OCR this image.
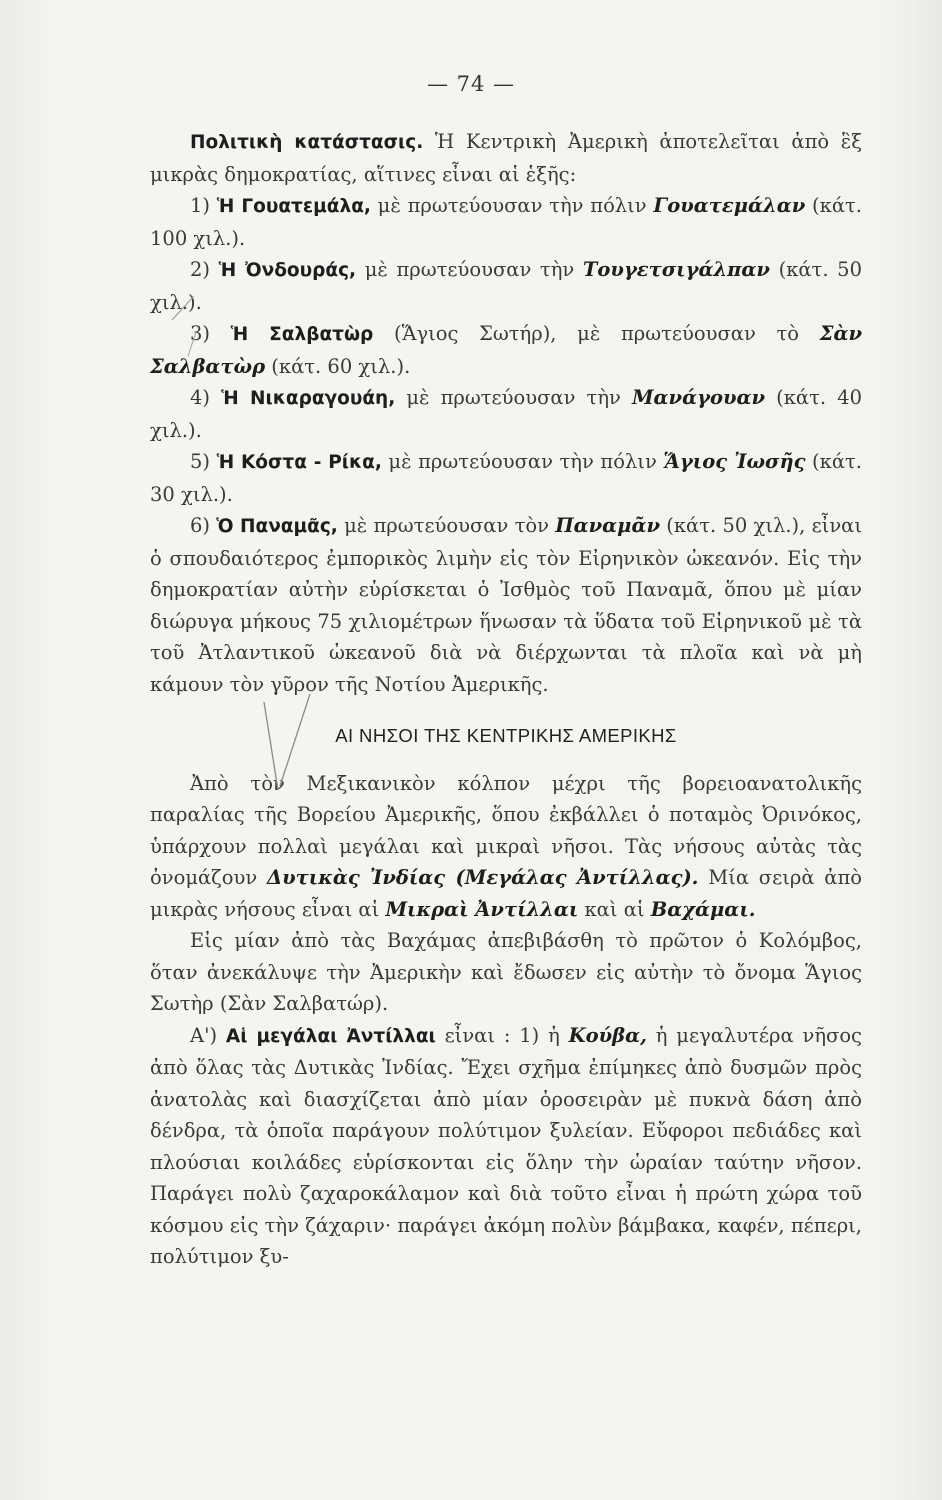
— 74 —

Πολιτικὴ κατάστασις. Ἡ Κεντρικὴ Ἀμερικὴ ἀποτελεῖται ἀπὸ ἓξ μικρὰς δημοκρατίας, αἵτινες εἶναι αἱ ἑξῆς:

1) Ἡ Γουατεμάλα, μὲ πρωτεύουσαν τὴν πόλιν Γουατεμάλαν (κάτ. 100 χιλ.).

2) Ἡ Ὀνδουράς, μὲ πρωτεύουσαν τὴν Τουγετσιγάλπαν (κάτ. 50 χιλ.).

3) Ἡ Σαλβατὼρ (Ἅγιος Σωτήρ), μὲ πρωτεύουσαν τὸ Σὰν Σαλβατὼρ (κάτ. 60 χιλ.).

4) Ἡ Νικαραγουάη, μὲ πρωτεύουσαν τὴν Μανάγουαν (κάτ. 40 χιλ.).

5) Ἡ Κόστα - Ρίκα, μὲ πρωτεύουσαν τὴν πόλιν Ἅγιος Ἰωσῆς (κάτ. 30 χιλ.).

6) Ὁ Παναμᾶς, μὲ πρωτεύουσαν τὸν Παναμᾶν (κάτ. 50 χιλ.), εἶναι ὁ σπουδαιότερος ἐμπορικὸς λιμὴν εἰς τὸν Εἰρηνικὸν ὠκεανόν. Εἰς τὴν δημοκρατίαν αὐτὴν εὑρίσκεται ὁ Ἰσθμὸς τοῦ Παναμᾶ, ὅπου μὲ μίαν διώρυγα μήκους 75 χιλιομέτρων ἥνωσαν τὰ ὕδατα τοῦ Εἰρηνικοῦ μὲ τὰ τοῦ Ἀτλαντικοῦ ὠκεανοῦ διὰ νὰ διέρχωνται τὰ πλοῖα καὶ νὰ μὴ κάμουν τὸν γῦρον τῆς Νοτίου Ἀμερικῆς.

ΑΙ ΝΗΣΟΙ ΤΗΣ ΚΕΝΤΡΙΚΗΣ ΑΜΕΡΙΚΗΣ

Ἀπὸ τὸν Μεξικανικὸν κόλπον μέχρι τῆς βορειοανατολικῆς παραλίας τῆς Βορείου Ἀμερικῆς, ὅπου ἐκβάλλει ὁ ποταμὸς Ὀρινόκος, ὑπάρχουν πολλαὶ μεγάλαι καὶ μικραὶ νῆσοι. Τὰς νήσους αὐτὰς τὰς ὀνομάζουν Δυτικὰς Ἰνδίας (Μεγάλας Ἀντίλλας). Μία σειρὰ ἀπὸ μικρὰς νήσους εἶναι αἱ Μικραὶ Ἀντίλλαι καὶ αἱ Βαχάμαι.

Εἰς μίαν ἀπὸ τὰς Βαχάμας ἀπεβιβάσθη τὸ πρῶτον ὁ Κολόμβος, ὅταν ἀνεκάλυψε τὴν Ἀμερικὴν καὶ ἔδωσεν εἰς αὐτὴν τὸ ὄνομα Ἅγιος Σωτὴρ (Σὰν Σαλβατώρ).

Α') Αἱ μεγάλαι Ἀντίλλαι εἶναι : 1) ἡ Κούβα, ἡ μεγαλυτέρα νῆσος ἀπὸ ὅλας τὰς Δυτικὰς Ἰνδίας. Ἔχει σχῆμα ἐπίμηκες ἀπὸ δυσμῶν πρὸς ἀνατολὰς καὶ διασχίζεται ἀπὸ μίαν ὀροσειρὰν μὲ πυκνὰ δάση ἀπὸ δένδρα, τὰ ὁποῖα παράγουν πολύτιμον ξυλείαν. Εὔφοροι πεδιάδες καὶ πλούσιαι κοιλάδες εὑρίσκονται εἰς ὅλην τὴν ὡραίαν ταύτην νῆσον. Παράγει πολὺ ζαχαροκάλαμον καὶ διὰ τοῦτο εἶναι ἡ πρώτη χώρα τοῦ κόσμου εἰς τὴν ζάχαριν· παράγει ἀκόμη πολὺν βάμβακα, καφέν, πέπερι, πολύτιμον ξυ-
